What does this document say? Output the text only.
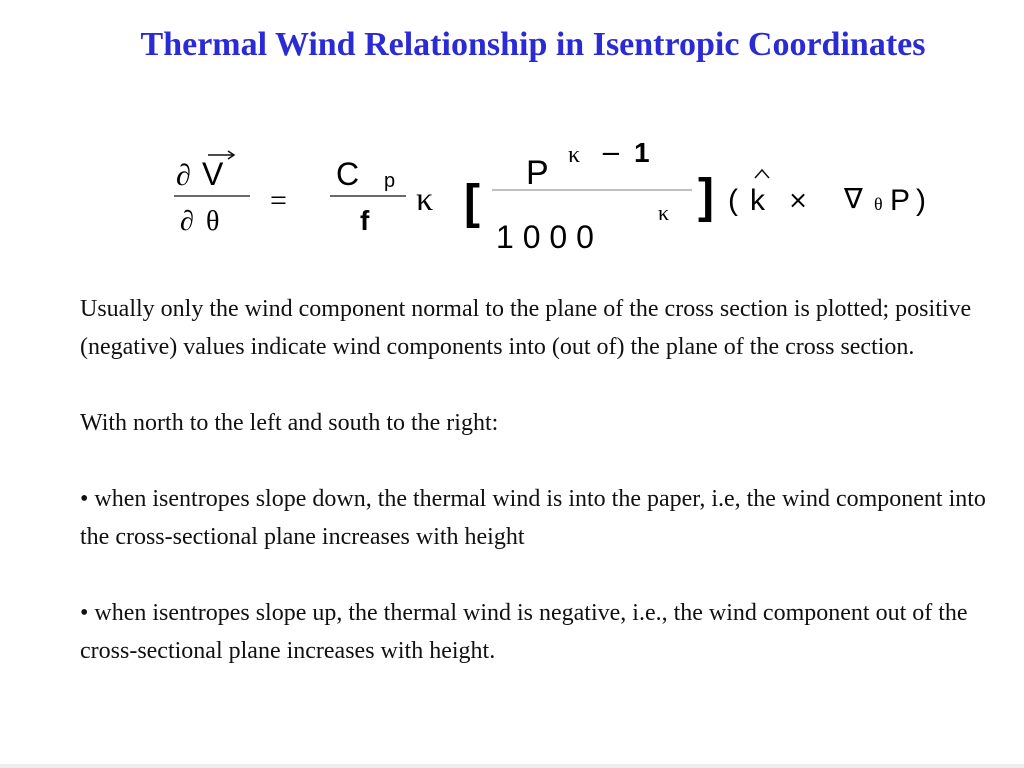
Thermal Wind Relationship in Isentropic Coordinates
∂ V
∂ θ
=
C p
f
κ [
P κ − 1
1 0 0 0
κ ] ( k × ∇ θ P )

Usually only the wind component normal to the plane of the cross section is plotted; positive (negative) values indicate wind components into (out of) the plane of the cross section.

With north to the left and south to the right:

• when isentropes slope down, the thermal wind is into the paper, i.e, the wind component into the cross-sectional plane increases with height

• when isentropes slope up, the thermal wind is negative, i.e., the wind component out of the cross-sectional plane increases with height.
